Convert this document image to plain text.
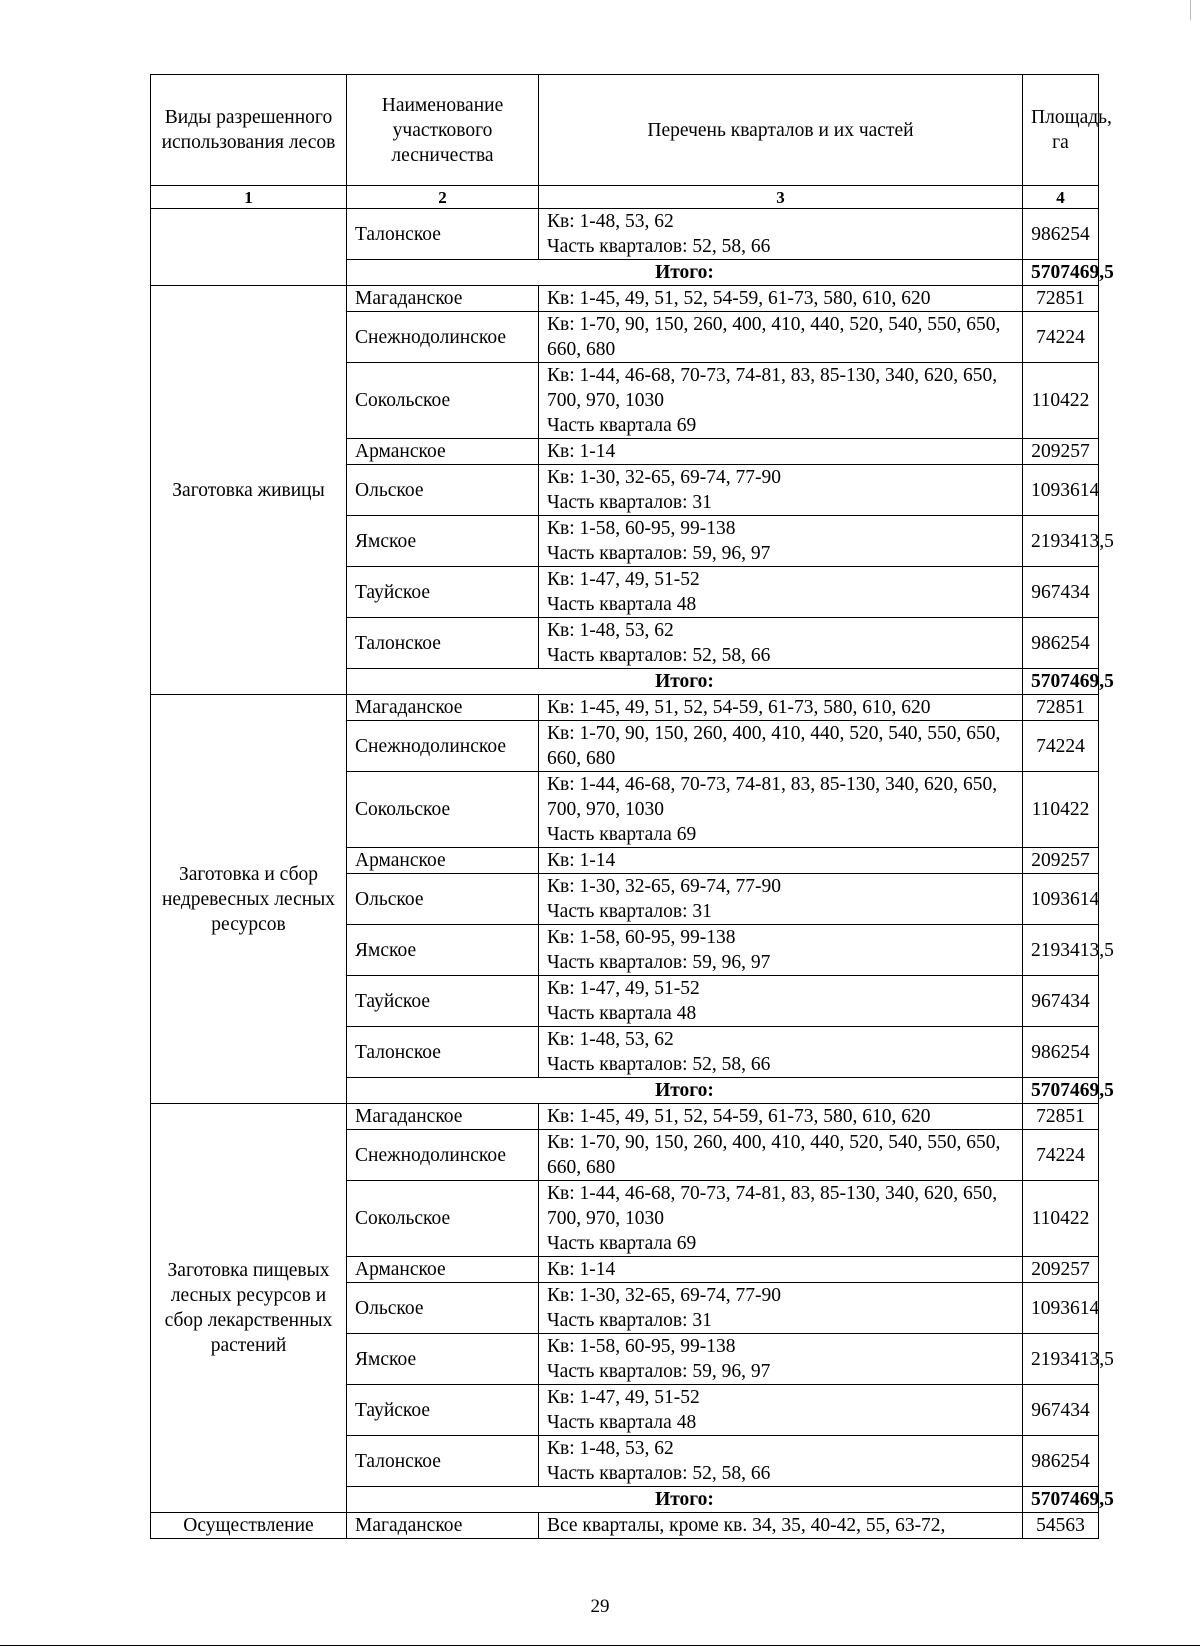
Виды разрешенного использования лесов	Наименование участкового лесничества	Перечень кварталов и их частей	Площадь, га
1	2	3	4
	Талонское	Кв: 1-48, 53, 62
Часть кварталов: 52, 58, 66	986254
	Итого:		5707469,5
Заготовка живицы	Магаданское	Кв: 1-45, 49, 51, 52, 54-59, 61-73, 580, 610, 620	72851
	Снежнодолинское	Кв: 1-70, 90, 150, 260, 400, 410, 440, 520, 540, 550, 650, 660, 680	74224
	Сокольское	Кв: 1-44, 46-68, 70-73, 74-81, 83, 85-130, 340, 620, 650, 700, 970, 1030
Часть квартала 69	110422
	Арманское	Кв: 1-14	209257
	Ольское	Кв: 1-30, 32-65, 69-74, 77-90
Часть кварталов: 31	1093614
	Ямское	Кв: 1-58, 60-95, 99-138
Часть кварталов: 59, 96, 97	2193413,5
	Тауйское	Кв: 1-47, 49, 51-52
Часть квартала 48	967434
	Талонское	Кв: 1-48, 53, 62
Часть кварталов: 52, 58, 66	986254
	Итого:		5707469,5
Заготовка и сбор недревесных лесных ресурсов	Магаданское	Кв: 1-45, 49, 51, 52, 54-59, 61-73, 580, 610, 620	72851
	Снежнодолинское	Кв: 1-70, 90, 150, 260, 400, 410, 440, 520, 540, 550, 650, 660, 680	74224
	Сокольское	Кв: 1-44, 46-68, 70-73, 74-81, 83, 85-130, 340, 620, 650, 700, 970, 1030
Часть квартала 69	110422
	Арманское	Кв: 1-14	209257
	Ольское	Кв: 1-30, 32-65, 69-74, 77-90
Часть кварталов: 31	1093614
	Ямское	Кв: 1-58, 60-95, 99-138
Часть кварталов: 59, 96, 97	2193413,5
	Тауйское	Кв: 1-47, 49, 51-52
Часть квартала 48	967434
	Талонское	Кв: 1-48, 53, 62
Часть кварталов: 52, 58, 66	986254
	Итого:		5707469,5
Заготовка пищевых лесных ресурсов и сбор лекарственных растений	Магаданское	Кв: 1-45, 49, 51, 52, 54-59, 61-73, 580, 610, 620	72851
	Снежнодолинское	Кв: 1-70, 90, 150, 260, 400, 410, 440, 520, 540, 550, 650, 660, 680	74224
	Сокольское	Кв: 1-44, 46-68, 70-73, 74-81, 83, 85-130, 340, 620, 650, 700, 970, 1030
Часть квартала 69	110422
	Арманское	Кв: 1-14	209257
	Ольское	Кв: 1-30, 32-65, 69-74, 77-90
Часть кварталов: 31	1093614
	Ямское	Кв: 1-58, 60-95, 99-138
Часть кварталов: 59, 96, 97	2193413,5
	Тауйское	Кв: 1-47, 49, 51-52
Часть квартала 48	967434
	Талонское	Кв: 1-48, 53, 62
Часть кварталов: 52, 58, 66	986254
	Итого:		5707469,5
Осуществление	Магаданское	Все кварталы, кроме кв. 34, 35, 40-42, 55, 63-72,	54563
29
